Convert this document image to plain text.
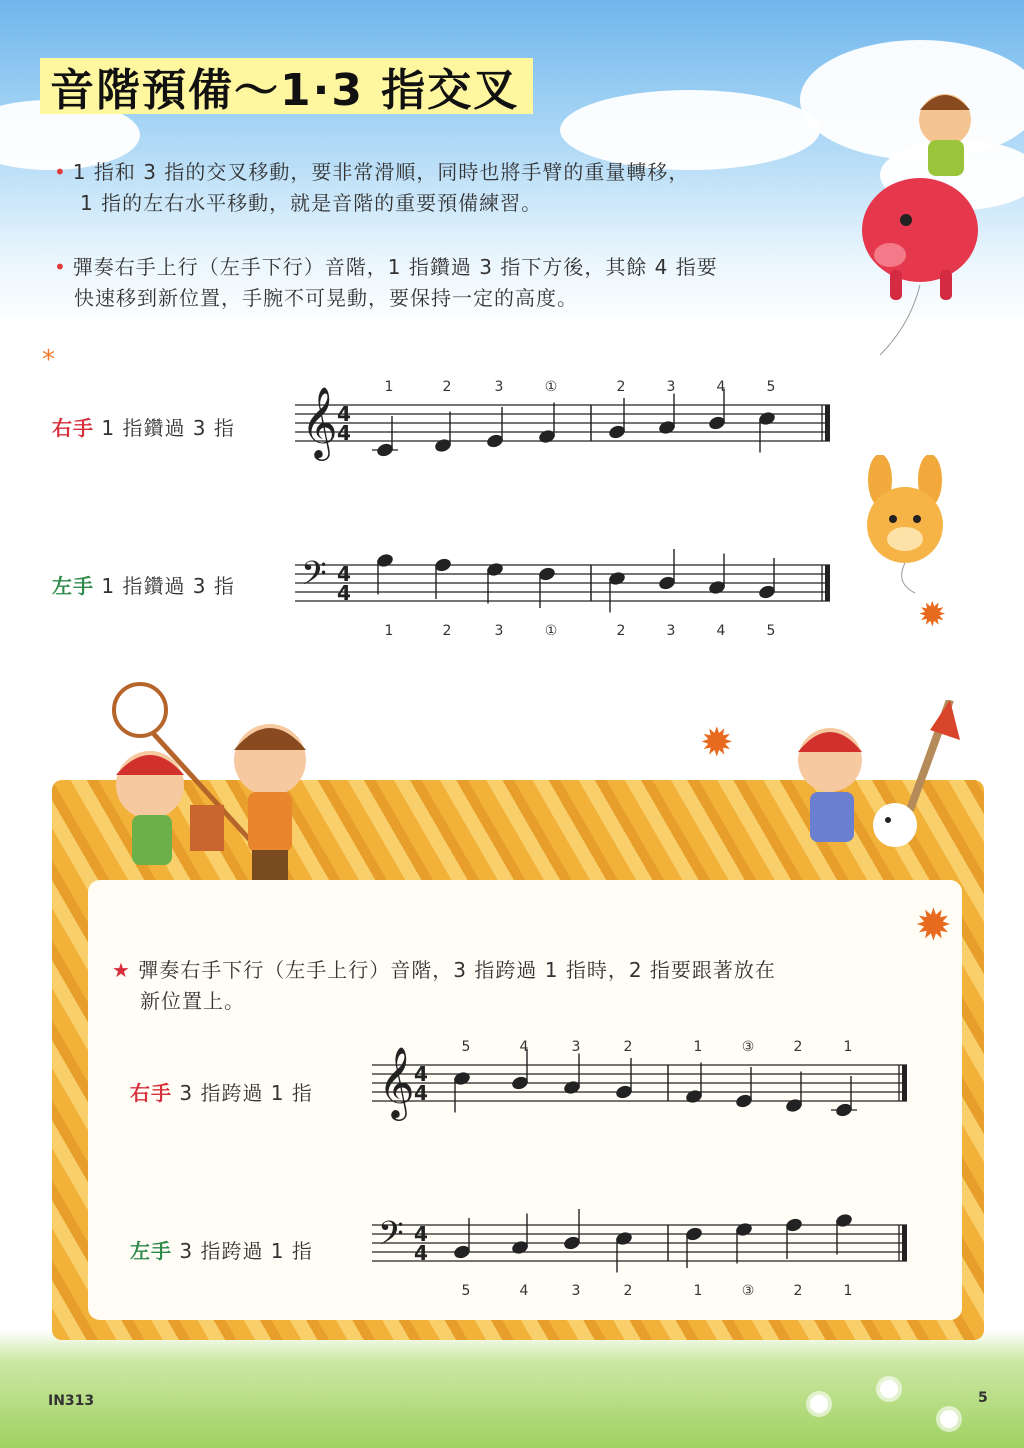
音階預備～1·3 指交叉
• 1 指和 3 指的交叉移動，要非常滑順，同時也將手臂的重量轉移，
1 指的左右水平移動，就是音階的重要預備練習。
• 彈奏右手上行（左手下行）音階，1 指鑽過 3 指下方後，其餘 4 指要
快速移到新位置，手腕不可晃動，要保持一定的高度。
*
右手 1 指鑽過 3 指
左手 1 指鑽過 3 指
𝄞 4
4
1	2	3	①	2	3	4	5
𝄢 4
4
1	2	3	①	2	3	4	5
★ 彈奏右手下行（左手上行）音階，3 指跨過 1 指時，2 指要跟著放在
新位置上。
右手 3 指跨過 1 指
左手 3 指跨過 1 指
𝄞 4
4
5	4	3	2	1	③	2	1
𝄢 4
4
5	4	3	2	1	③	2	1
✹
✹
✹
IN313	5
